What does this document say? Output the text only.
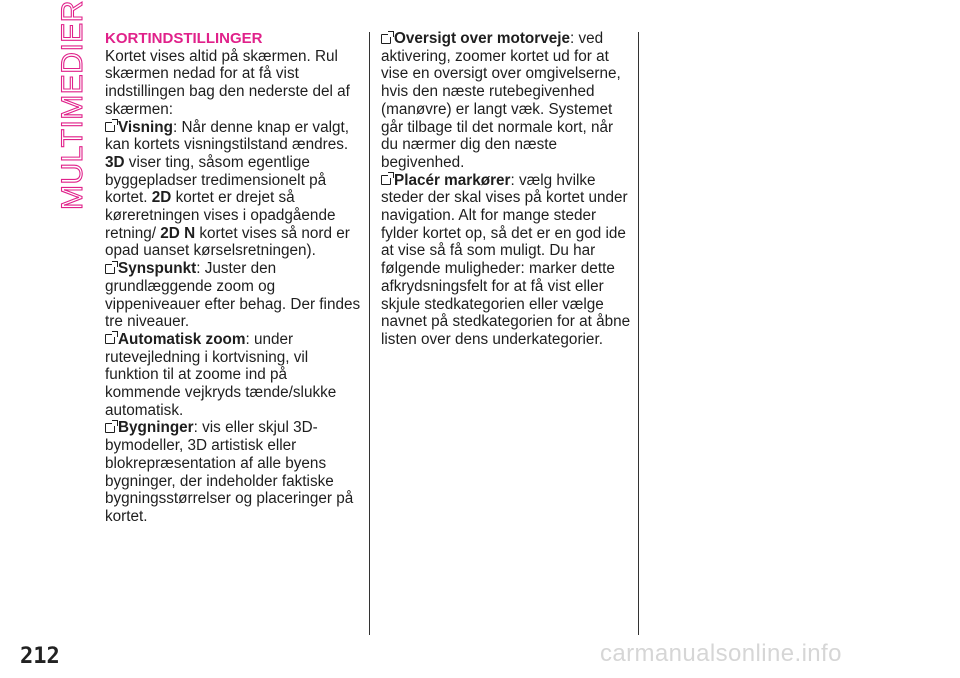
MULTIMEDIER KORTINDSTILLINGER

Kortet vises altid på skærmen. Rul skærmen nedad for at få vist indstillingen bag den nederste del af skærmen:

Visning: Når denne knap er valgt, kan kortets visningstilstand ændres. 3D viser ting, såsom egentlige byggepladser tredimensionelt på kortet. 2D kortet er drejet så køreretningen vises i opadgående retning/ 2D N kortet vises så nord er opad uanset kørselsretningen).

Synspunkt: Juster den grundlæggende zoom og vippeniveauer efter behag. Der findes tre niveauer.

Automatisk zoom: under rutevejledning i kortvisning, vil funktion til at zoome ind på kommende vejkryds tænde/slukke automatisk.

Bygninger: vis eller skjul 3D-bymodeller, 3D artistisk eller blokrepræsentation af alle byens bygninger, der indeholder faktiske bygningsstørrelser og placeringer på kortet.

Oversigt over motorveje: ved aktivering, zoomer kortet ud for at vise en oversigt over omgivelserne, hvis den næste rutebegivenhed (manøvre) er langt væk. Systemet går tilbage til det normale kort, når du nærmer dig den næste begivenhed.

Placér markører: vælg hvilke steder der skal vises på kortet under navigation. Alt for mange steder fylder kortet op, så det er en god ide at vise så få som muligt. Du har følgende muligheder: marker dette afkrydsningsfelt for at få vist eller skjule stedkategorien eller vælge navnet på stedkategorien for at åbne listen over dens underkategorier.

212	carmanualsonline.info
